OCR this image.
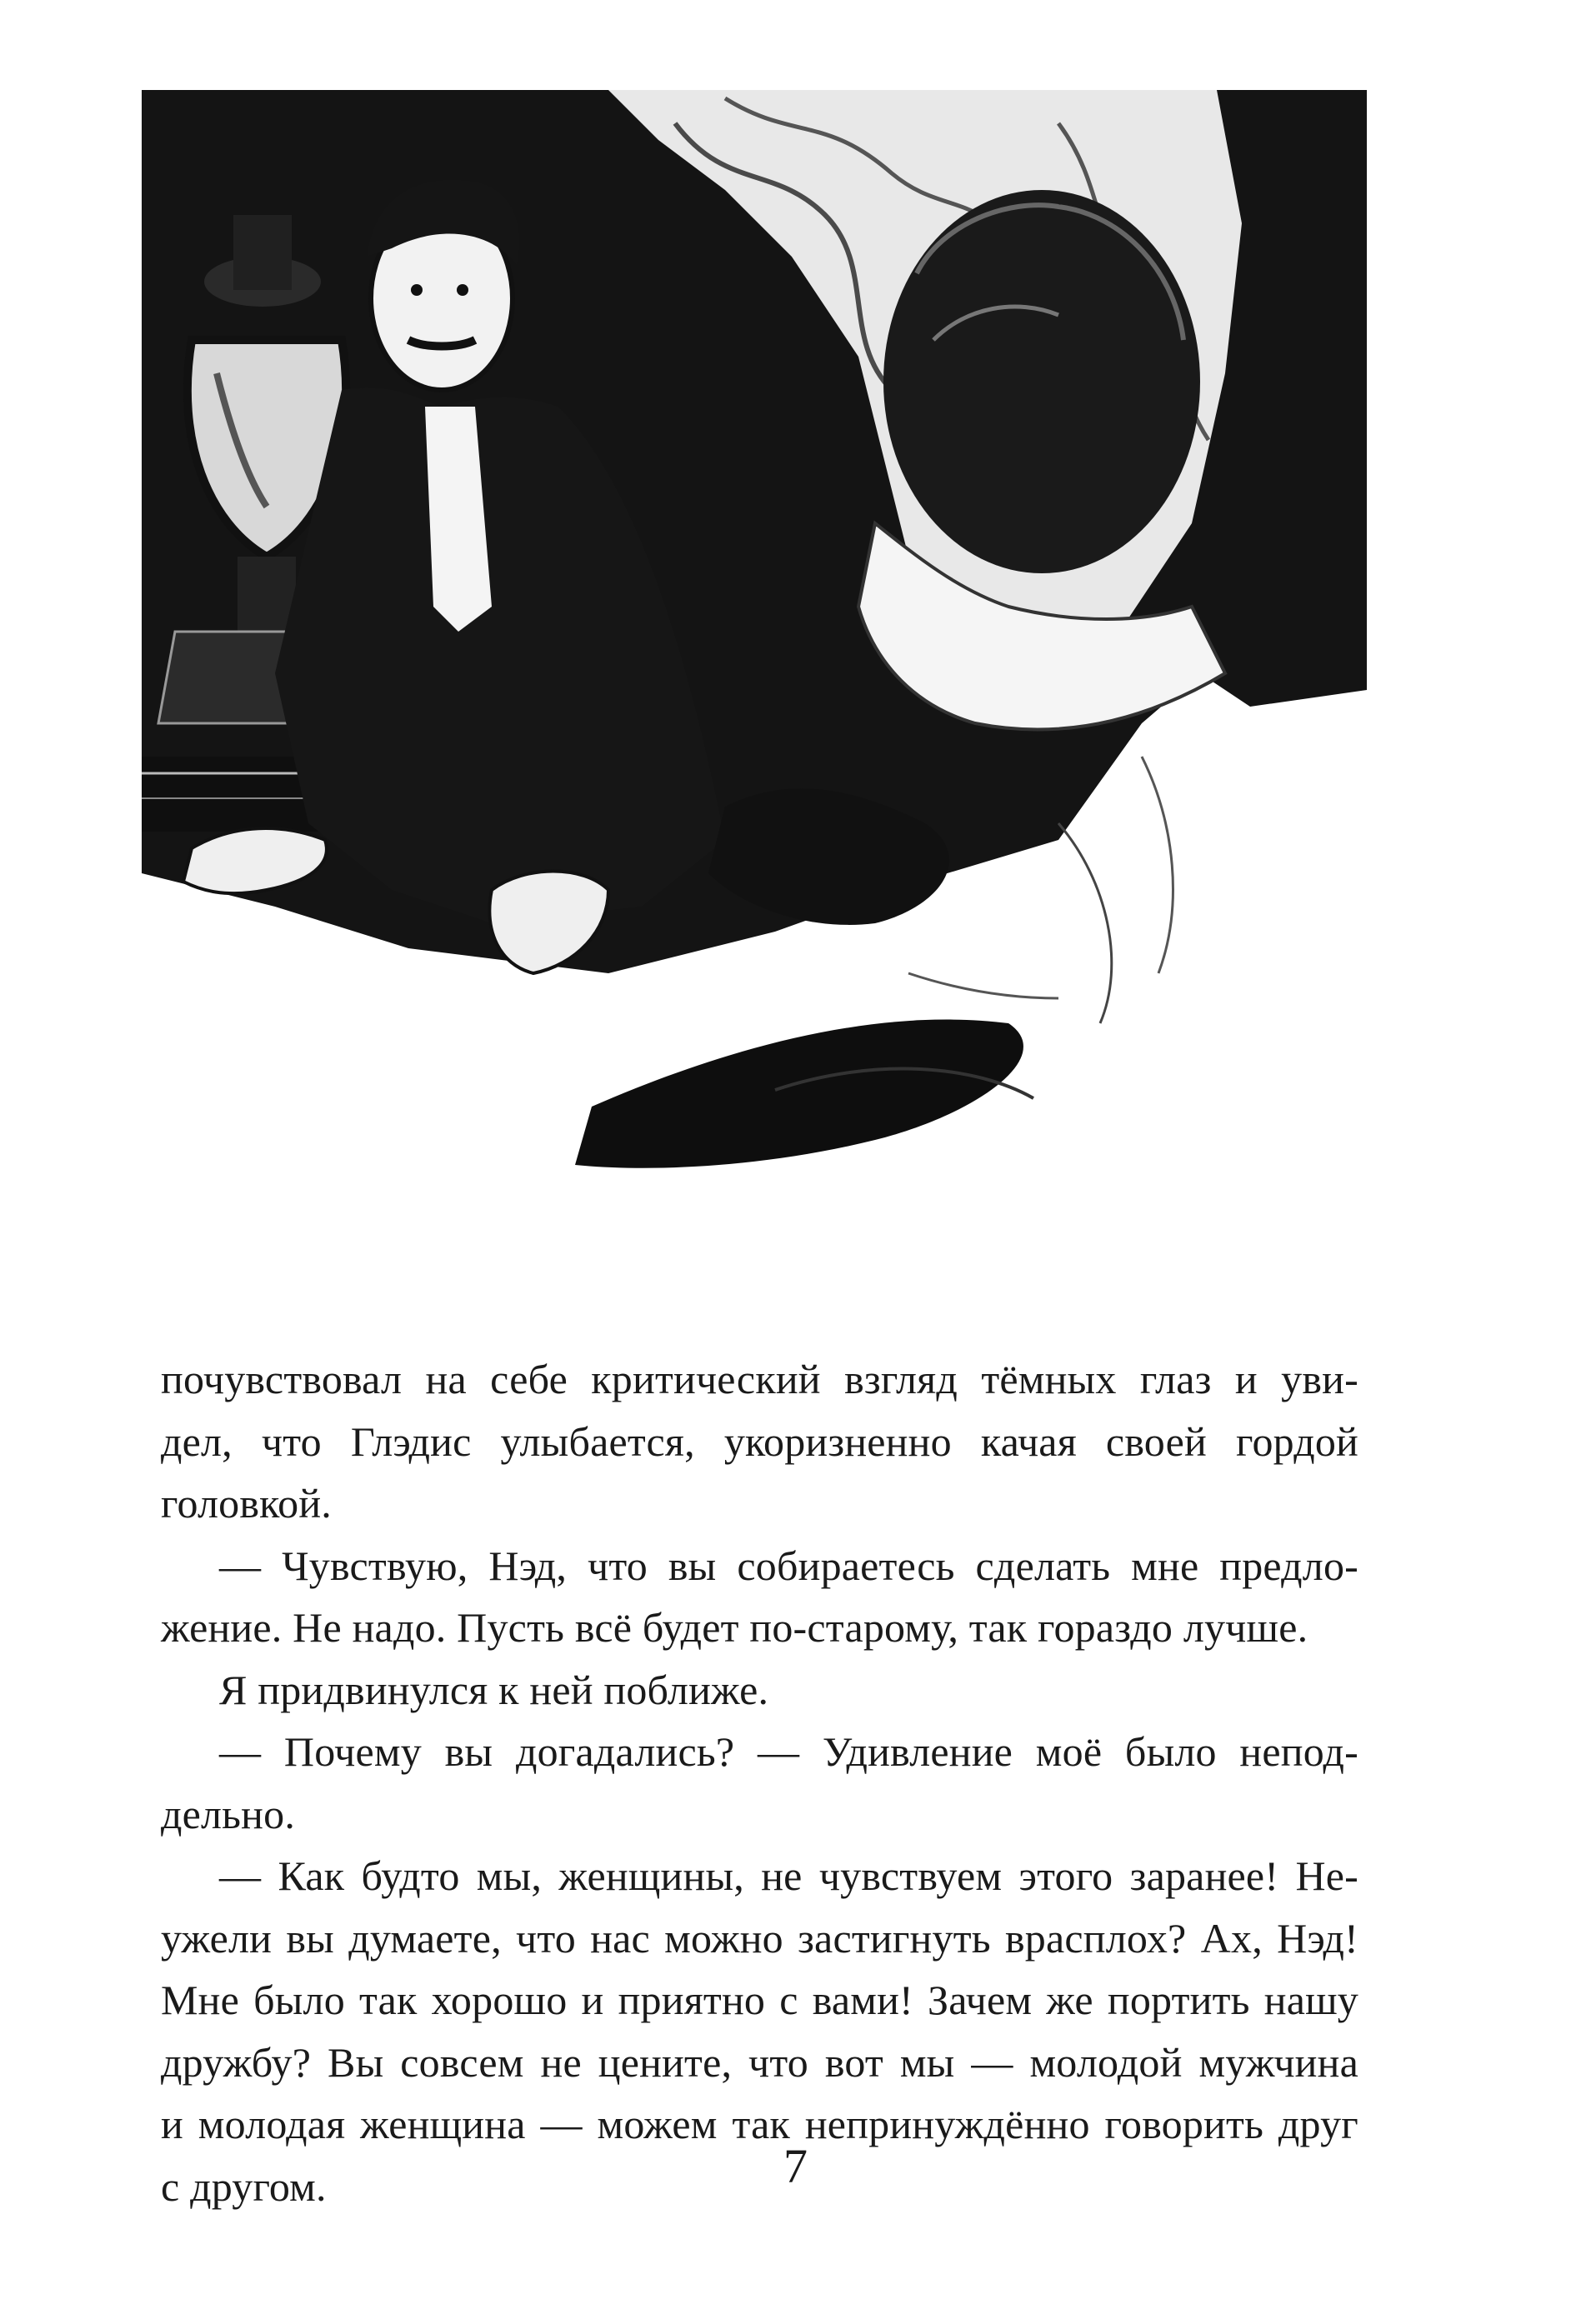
почувствовал на себе критический взгляд тёмных глаз и уви-
дел, что Глэдис улыбается, укоризненно качая своей гордой
головкой.

— Чувствую, Нэд, что вы собираетесь сделать мне предло-
жение. Не надо. Пусть всё будет по-старому, так гораздо лучше.

Я придвинулся к ней поближе.

— Почему вы догадались? — Удивление моё было непод-
дельно.

— Как будто мы, женщины, не чувствуем этого заранее! Не-
ужели вы думаете, что нас можно застигнуть врасплох? Ах, Нэд!
Мне было так хорошо и приятно с вами! Зачем же портить нашу
дружбу? Вы совсем не цените, что вот мы — молодой мужчина
и молодая женщина — можем так непринуждённо говорить друг
с другом.	7
